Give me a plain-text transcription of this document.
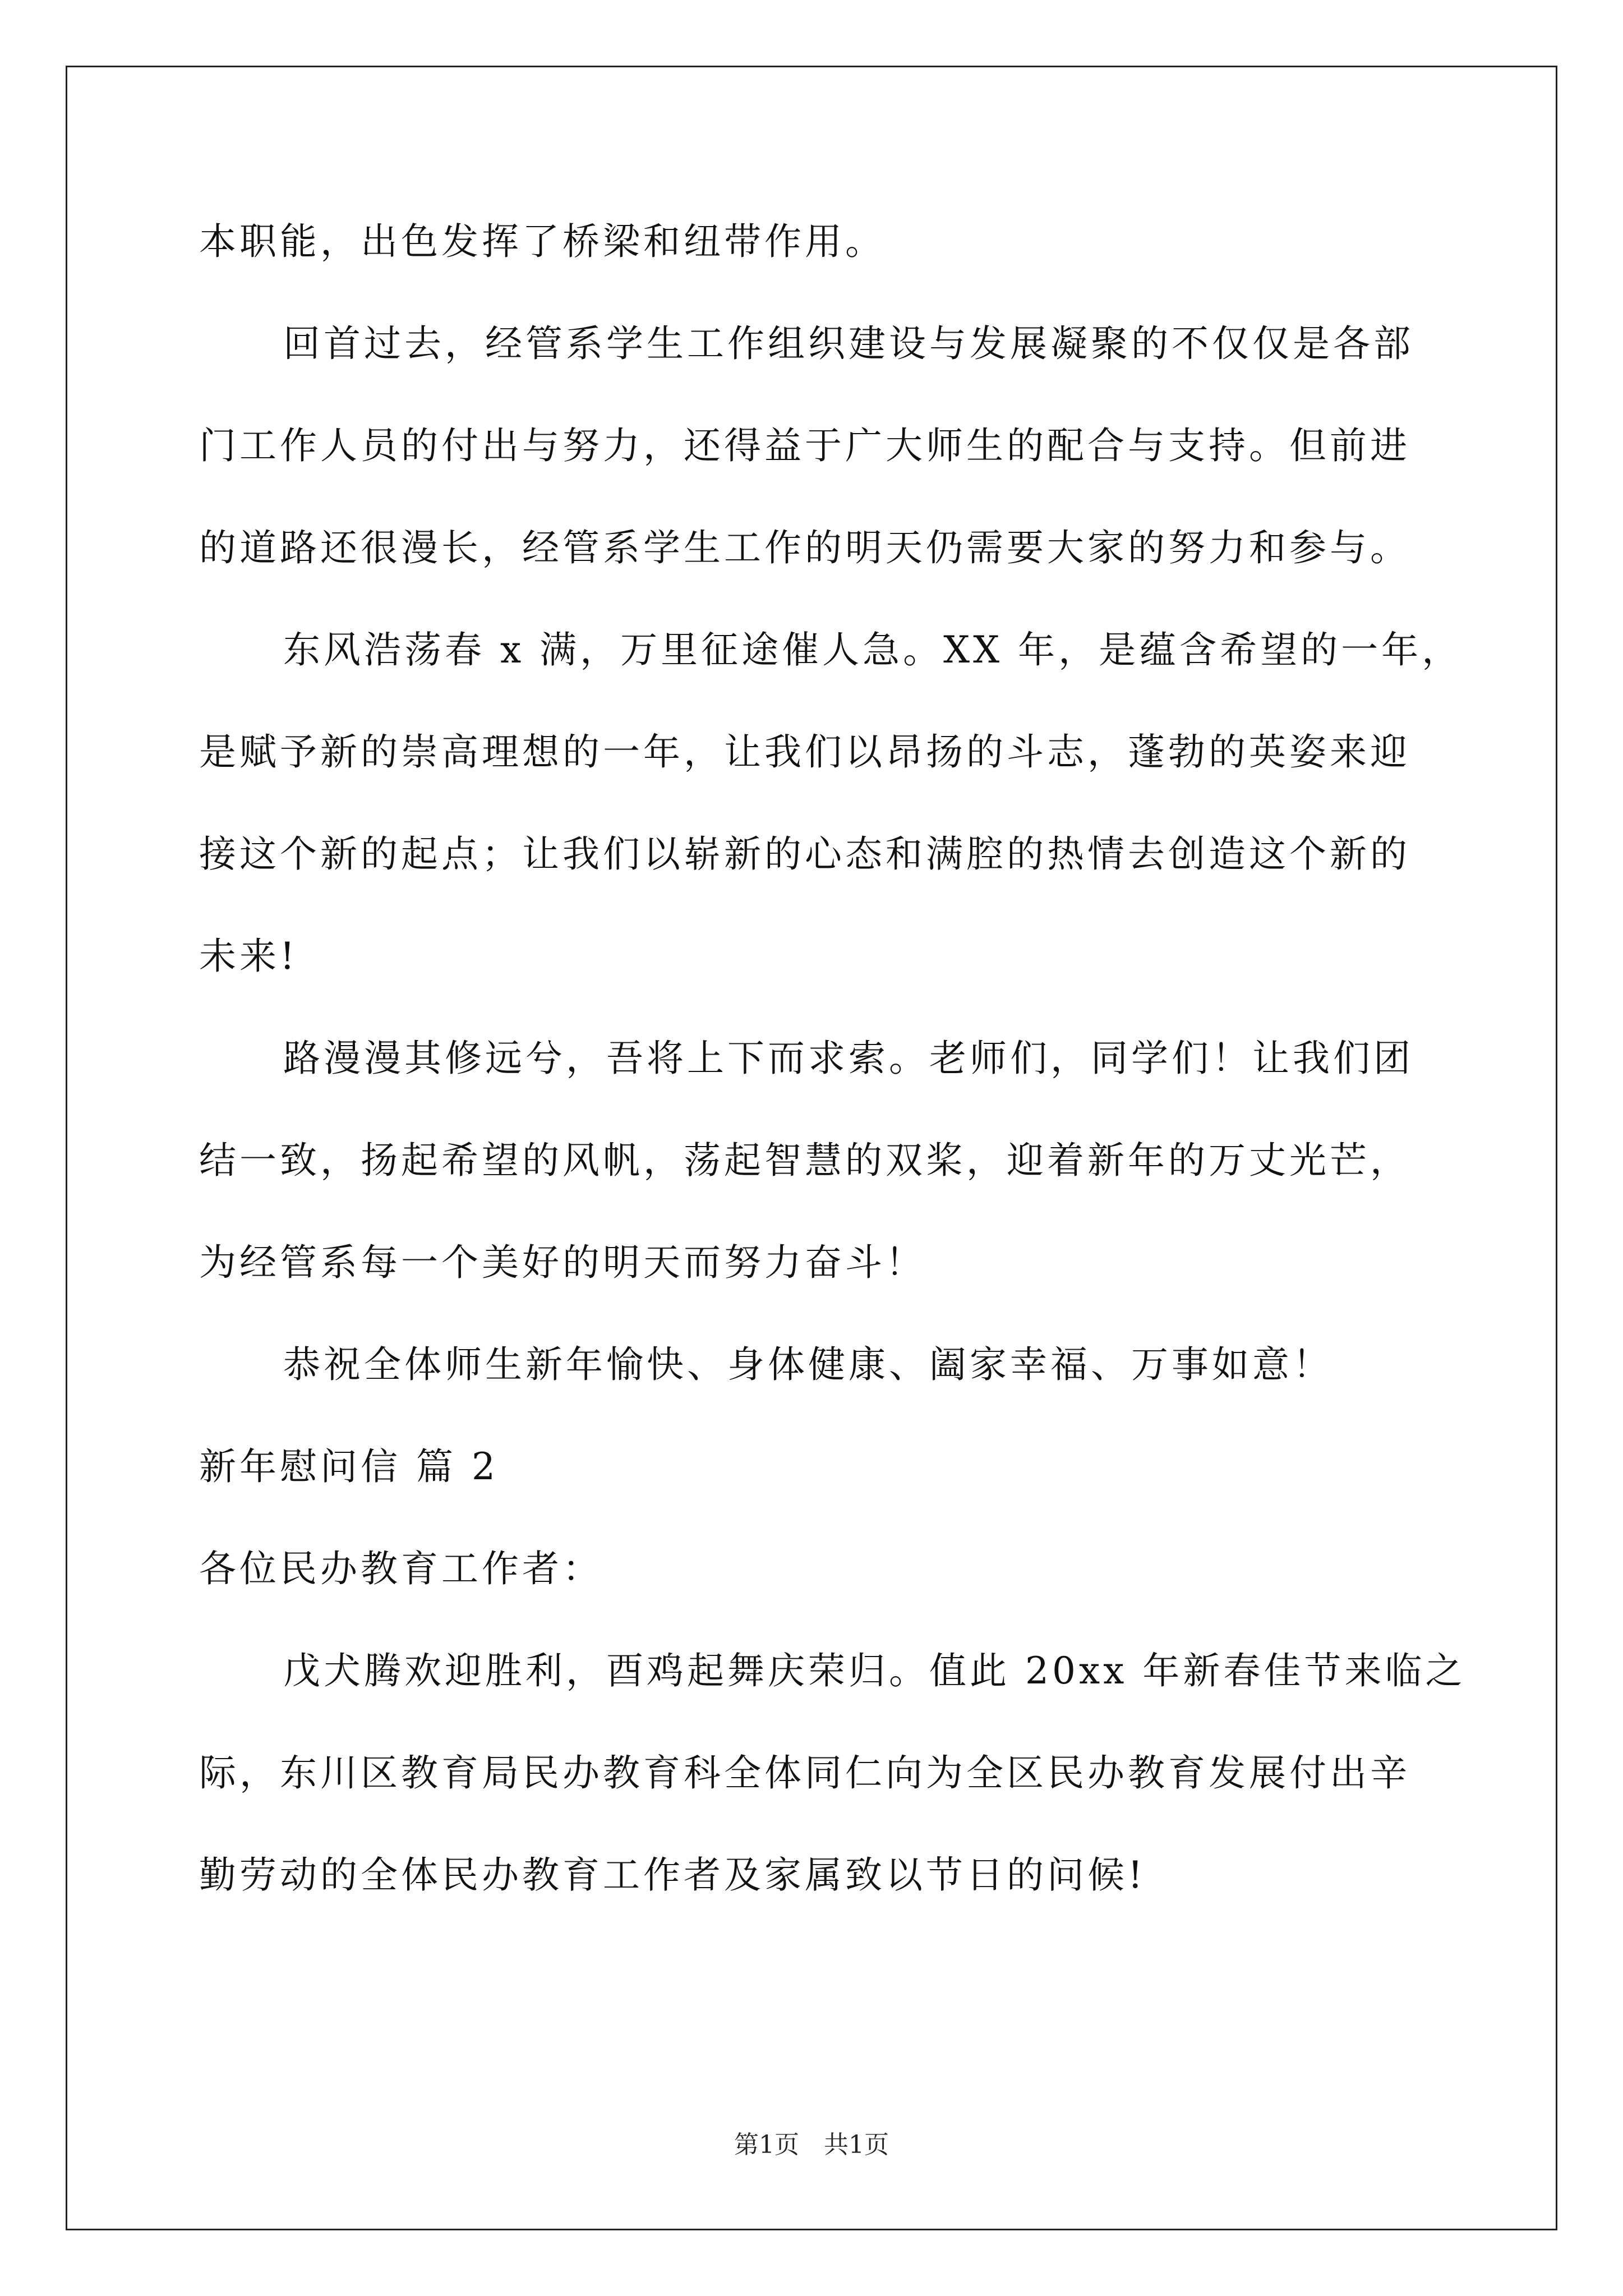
本职能，出色发挥了桥梁和纽带作用。
回首过去，经管系学生工作组织建设与发展凝聚的不仅仅是各部
门工作人员的付出与努力，还得益于广大师生的配合与支持。但前进
的道路还很漫长，经管系学生工作的明天仍需要大家的努力和参与。
东风浩荡春 x 满，万里征途催人急。XX 年，是蕴含希望的一年，
是赋予新的崇高理想的一年，让我们以昂扬的斗志，蓬勃的英姿来迎
接这个新的起点；让我们以崭新的心态和满腔的热情去创造这个新的
未来!
路漫漫其修远兮，吾将上下而求索。老师们，同学们！让我们团
结一致，扬起希望的风帆，荡起智慧的双桨，迎着新年的万丈光芒，
为经管系每一个美好的明天而努力奋斗！
恭祝全体师生新年愉快、身体健康、阖家幸福、万事如意！
新年慰问信 篇 2
各位民办教育工作者：
戊犬腾欢迎胜利，酉鸡起舞庆荣归。值此 20xx 年新春佳节来临之
际，东川区教育局民办教育科全体同仁向为全区民办教育发展付出辛
勤劳动的全体民办教育工作者及家属致以节日的问候!
第1页　共1页
